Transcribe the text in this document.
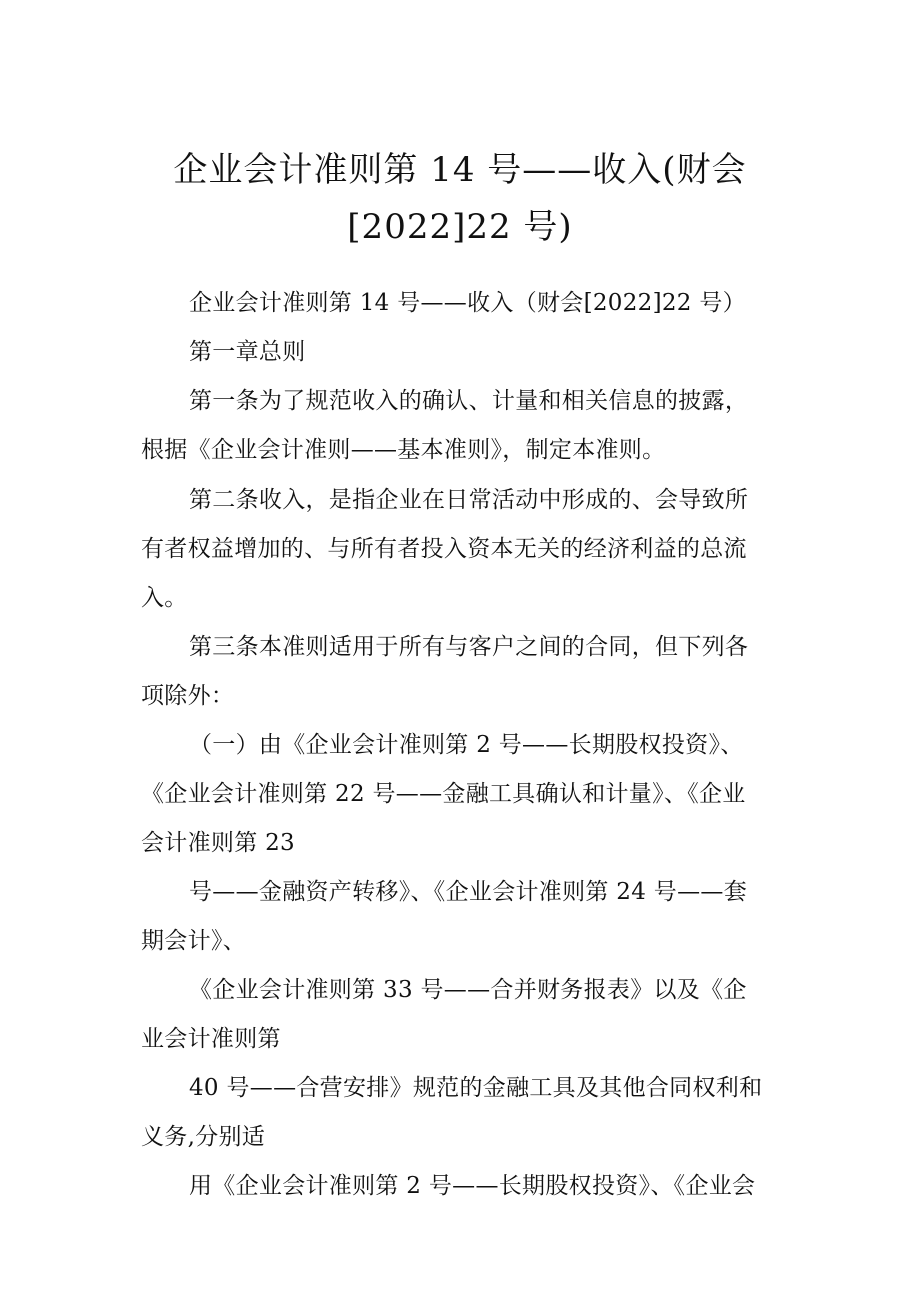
企业会计准则第 14 号——收入(财会
[2022]22 号)
企业会计准则第 14 号——收入（财会[2022]22 号）
第一章总则
第一条为了规范收入的确认、计量和相关信息的披露，
根据《企业会计准则——基本准则》，制定本准则。
第二条收入，是指企业在日常活动中形成的、会导致所
有者权益增加的、与所有者投入资本无关的经济利益的总流
入。
第三条本准则适用于所有与客户之间的合同，但下列各
项除外：
（一）由《企业会计准则第 2 号——长期股权投资》、
《企业会计准则第 22 号——金融工具确认和计量》、《企业
会计准则第 23
号——金融资产转移》、《企业会计准则第 24 号——套
期会计》、
《企业会计准则第 33 号——合并财务报表》以及《企
业会计准则第
40 号——合营安排》规范的金融工具及其他合同权利和
义务,分别适
用《企业会计准则第 2 号——长期股权投资》、《企业会
